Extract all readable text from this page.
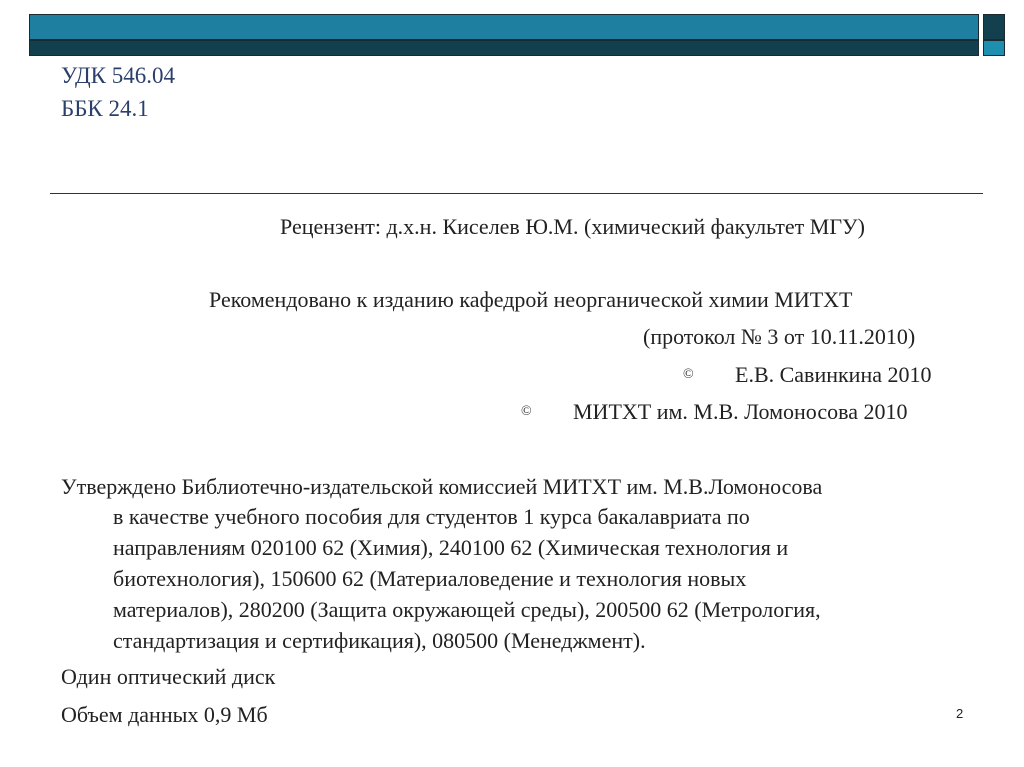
УДК 546.04
ББК 24.1
Рецензент: д.х.н. Киселев Ю.М. (химический факультет МГУ)
Рекомендовано к изданию кафедрой неорганической химии МИТХТ
(протокол № 3 от 10.11.2010)
© Е.В. Савинкина 2010
© МИТХТ им. М.В. Ломоносова 2010
Утверждено Библиотечно-издательской комиссией МИТХТ им. М.В.Ломоносова
в качестве учебного пособия для студентов 1 курса бакалавриата по
направлениям 020100 62 (Химия), 240100 62 (Химическая технология и
биотехнология), 150600 62 (Материаловедение и технология новых
материалов), 280200 (Защита окружающей среды), 200500 62 (Метрология,
стандартизация и сертификация), 080500 (Менеджмент).
Один оптический диск
Объем данных 0,9 Мб	2
